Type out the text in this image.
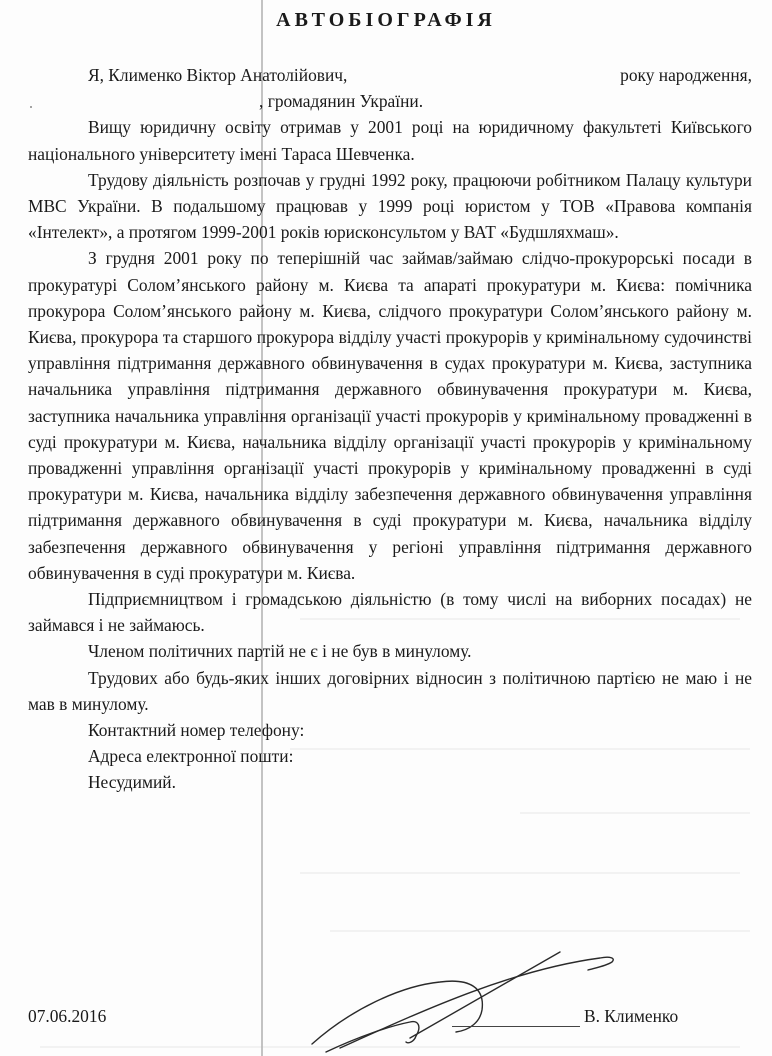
АВТОБІОГРАФІЯ

Я, Клименко Віктор Анатолійович,	року народження,

, громадянин України.

Вищу юридичну освіту отримав у 2001 році на юридичному факультеті Київського національного університету імені Тараса Шевченка.

Трудову діяльність розпочав у грудні 1992 року, працюючи робітником Палацу культури МВС України. В подальшому працював у 1999 році юристом у ТОВ «Правова компанія «Інтелект», а протягом 1999-2001 років юрисконсультом у ВАТ «Будшляхмаш».

З грудня 2001 року по теперішній час займав/займаю слідчо-прокурорські посади в прокуратурі Солом’янського району м. Києва та апараті прокуратури м. Києва: помічника прокурора Солом’янського району м. Києва, слідчого прокуратури Солом’янського району м. Києва, прокурора та старшого прокурора відділу участі прокурорів у кримінальному судочинстві управління підтримання державного обвинувачення в судах прокуратури м. Києва, заступника начальника управління підтримання державного обвинувачення прокуратури м. Києва, заступника начальника управління організації участі прокурорів у кримінальному провадженні в суді прокуратури м. Києва, начальника відділу організації участі прокурорів у кримінальному провадженні управління організації участі прокурорів у кримінальному провадженні в суді прокуратури м. Києва, начальника відділу забезпечення державного обвинувачення управління підтримання державного обвинувачення в суді прокуратури м. Києва, начальника відділу забезпечення державного обвинувачення у регіоні управління підтримання державного обвинувачення в суді прокуратури м. Києва.

Підприємництвом і громадською діяльністю (в тому числі на виборних посадах) не займався і не займаюсь.

Членом політичних партій не є і не був в минулому.

Трудових або будь-яких інших договірних відносин з політичною партією не маю і не мав в минулому.

Контактний номер телефону:

Адреса електронної пошти:

Несудимий.

07.06.2016	В. Клименко
